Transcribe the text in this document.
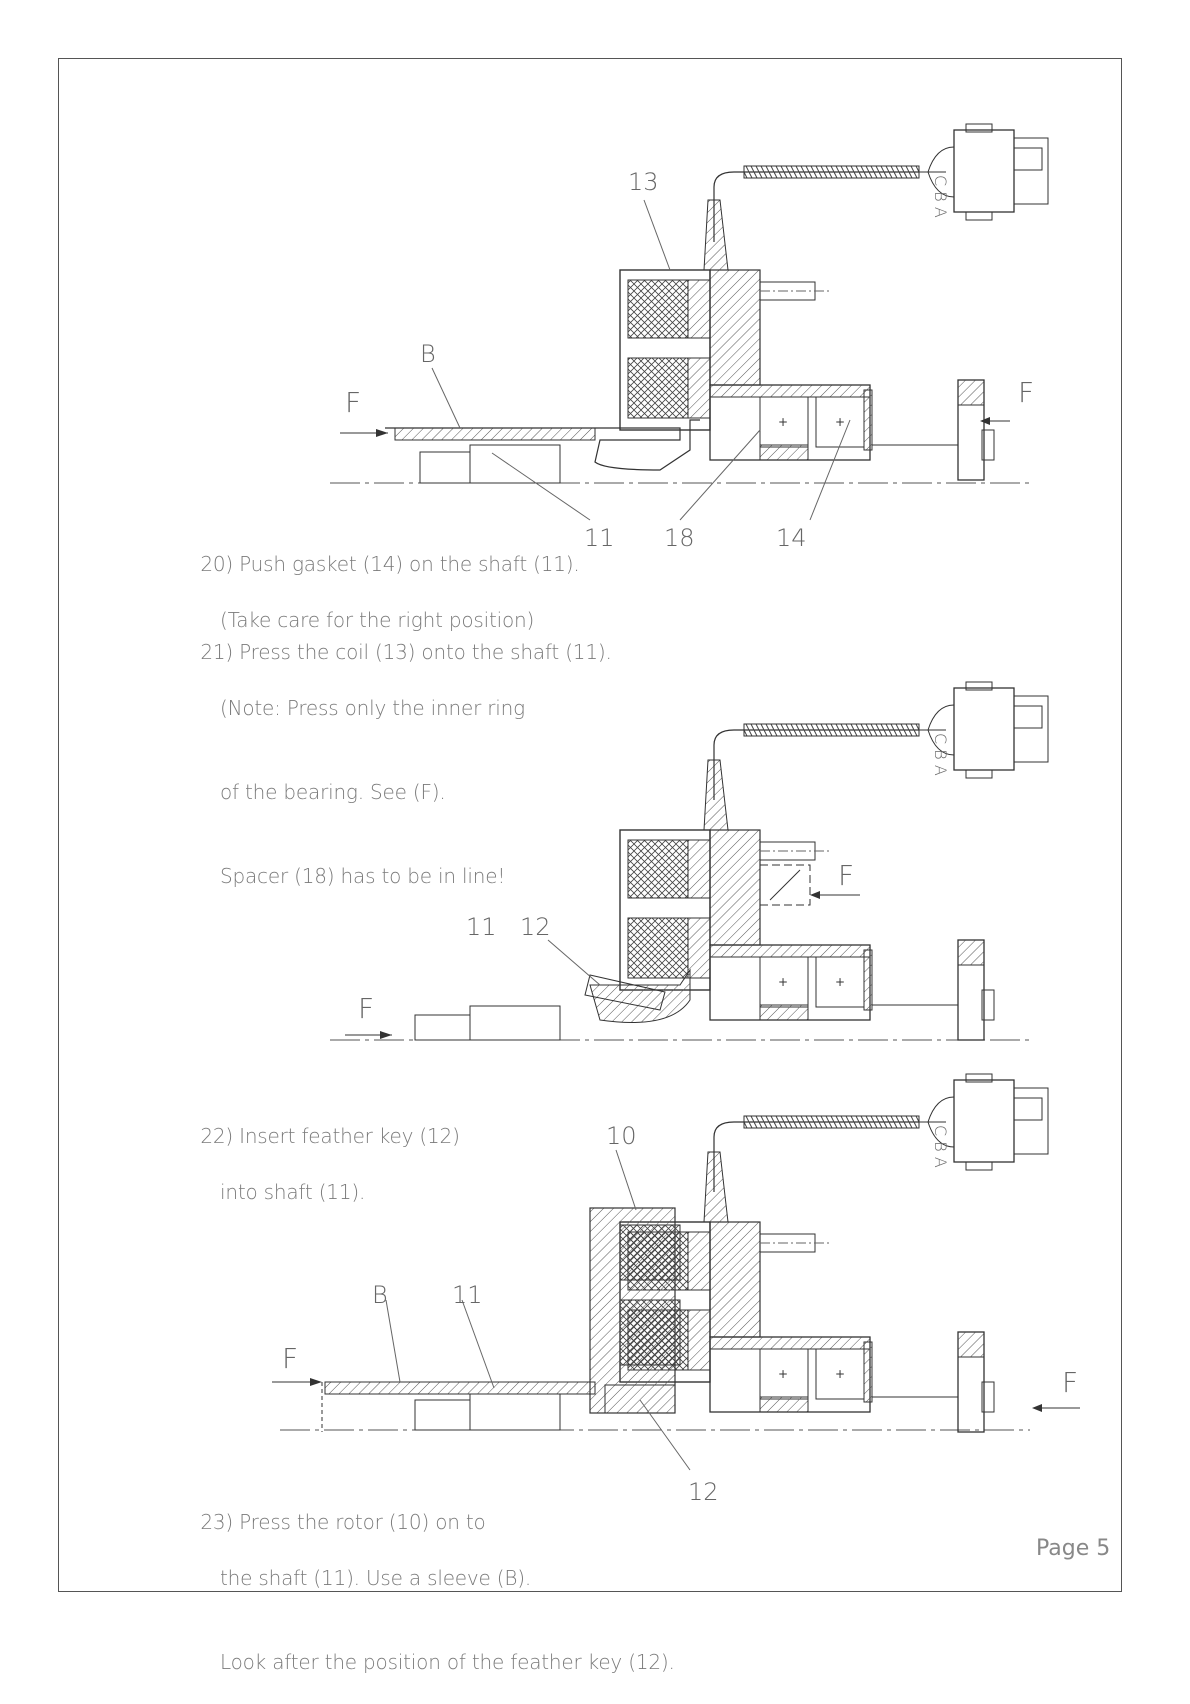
+	+
13
B
F	F
11 18	14
C B A
F
11 12
F
C B A
10
B	11
F
F
12
C B A

20) Push gasket (14) on the shaft (11).

(Take care for the right position)

21) Press the coil (13) onto the shaft (11).

(Note: Press only the inner ring

of the bearing. See (F).

Spacer (18) has to be in line!

22) Insert feather key (12)

into shaft (11).

23) Press the rotor (10) on to

the shaft (11). Use a sleeve (B).

Look after the position of the feather key (12).

Page 5
